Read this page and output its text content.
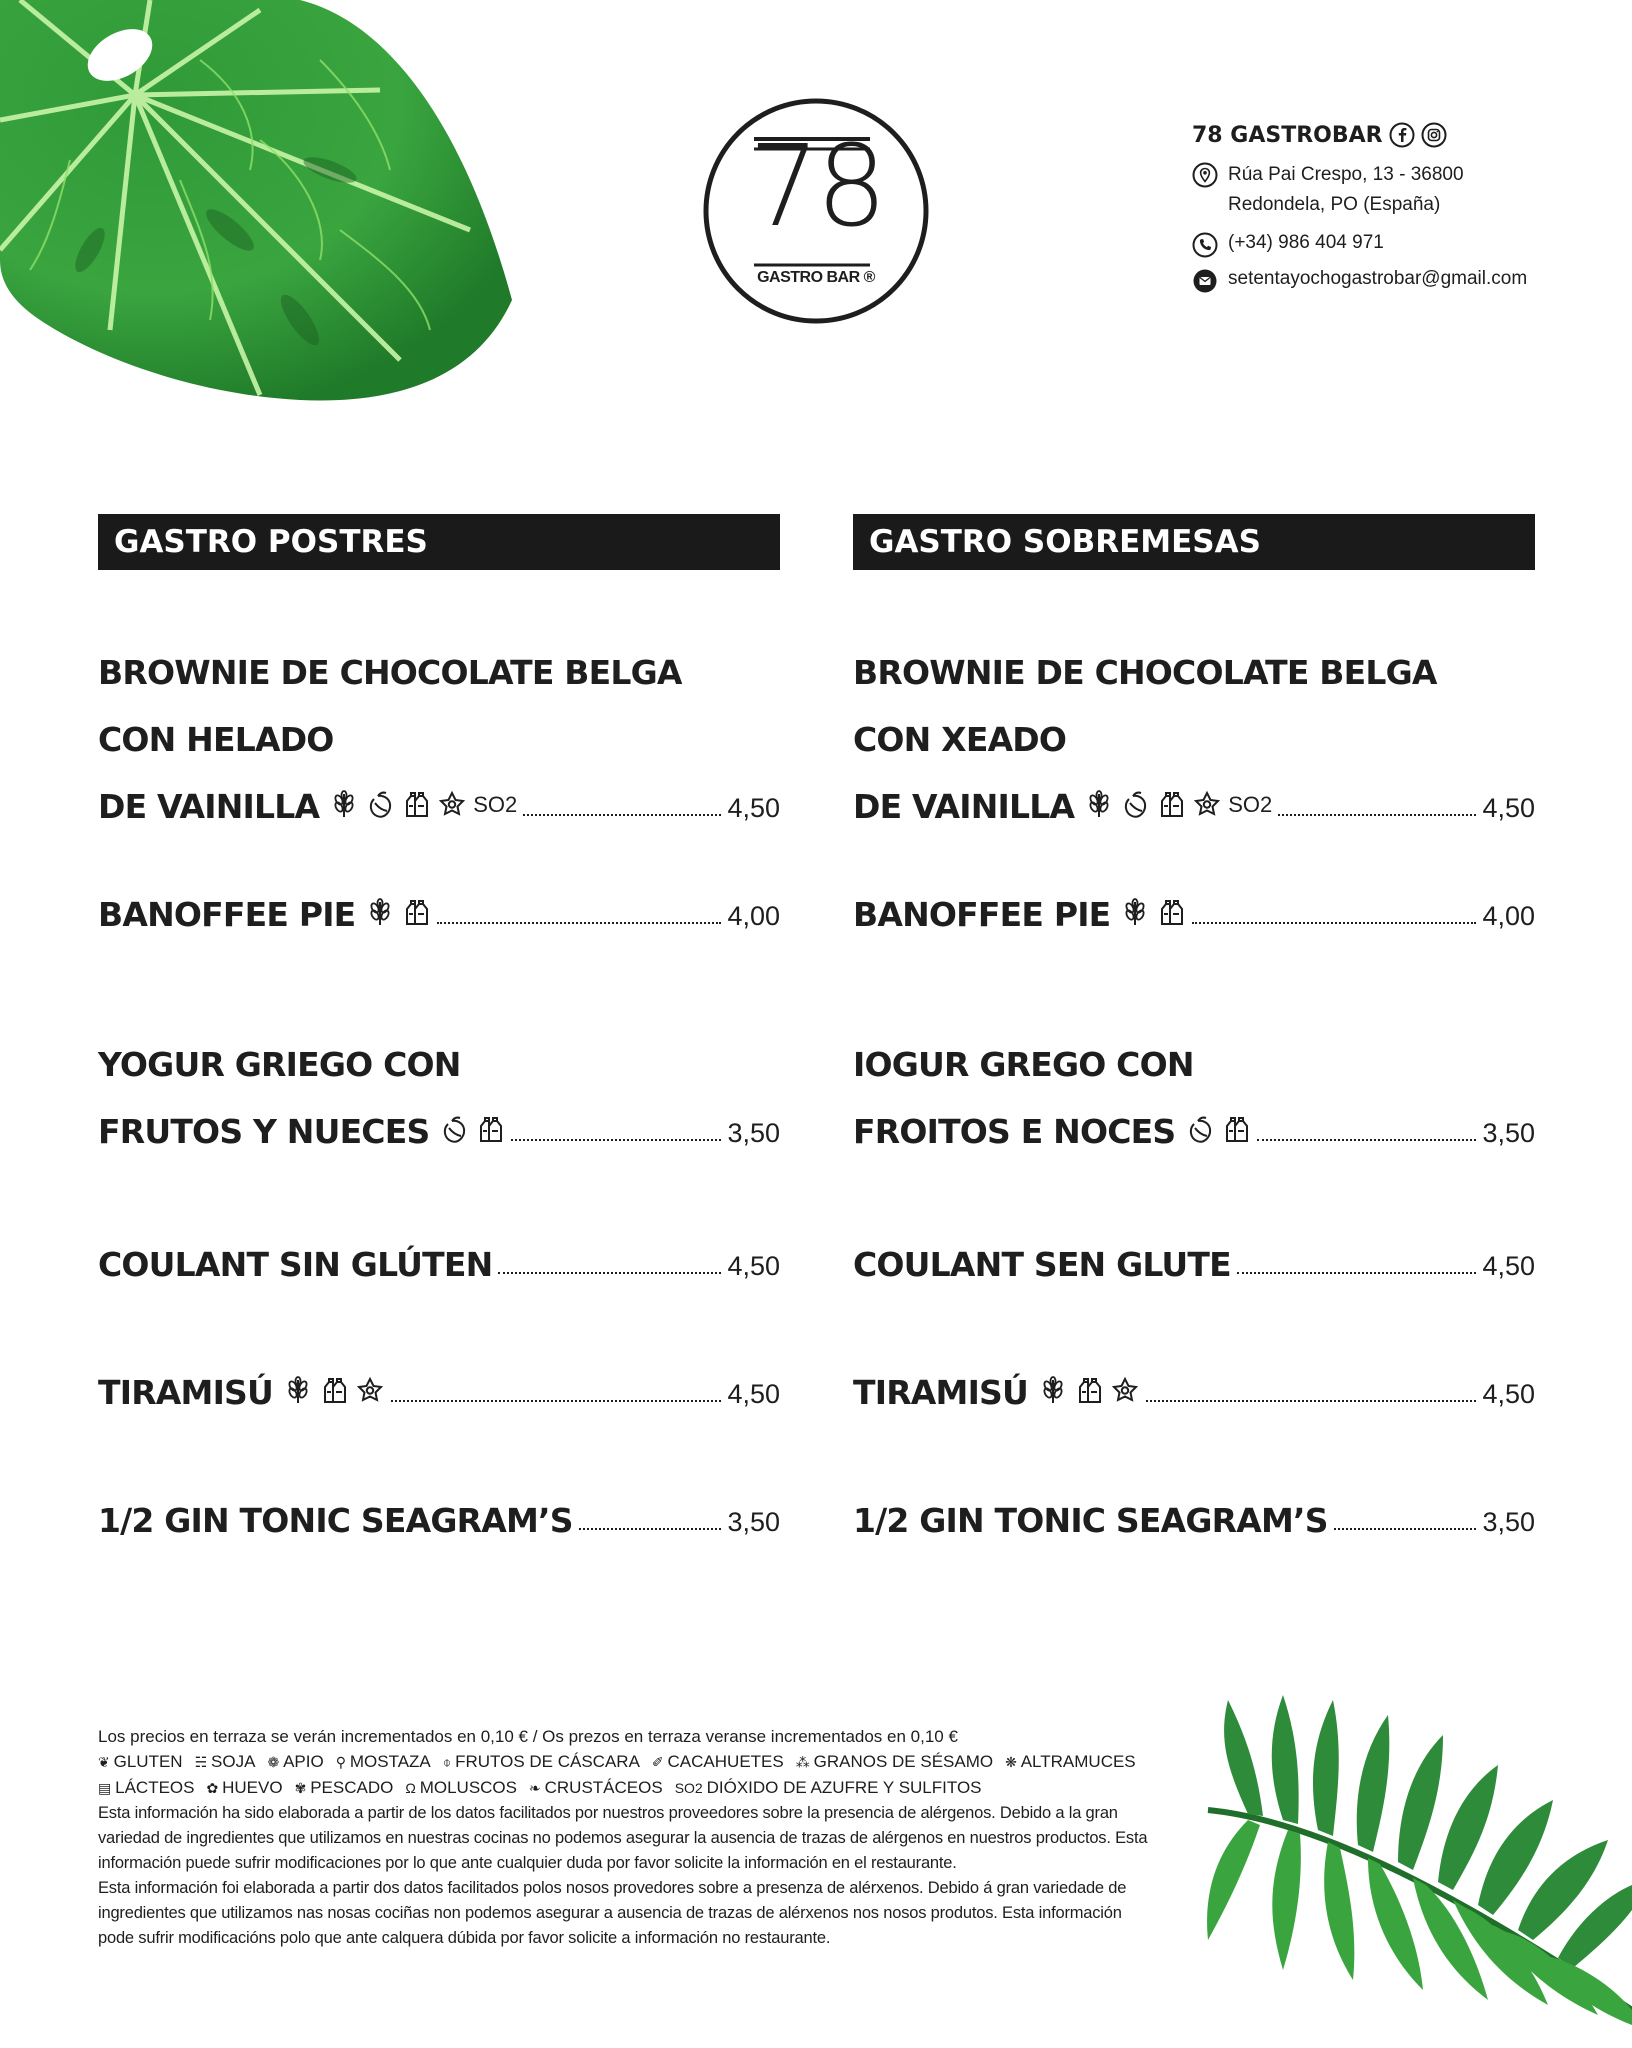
78
GASTRO BAR ®
78 GASTROBAR
Rúa Pai Crespo, 13 - 36800
Redondela, PO (España)
(+34) 986 404 971
setentayochogastrobar@gmail.com
GASTRO POSTRES	GASTRO SOBREMESAS
BROWNIE DE CHOCOLATE BELGA
CON HELADO
DE VAINILLA	SO2	4,50
BANOFFEE PIE	4,00
YOGUR GRIEGO CON
FRUTOS Y NUECES	3,50
COULANT SIN GLÚTEN	4,50
TIRAMISÚ	4,50
1/2 GIN TONIC SEAGRAM’S	3,50
BROWNIE DE CHOCOLATE BELGA
CON XEADO
DE VAINILLA	SO2	4,50
BANOFFEE PIE	4,00
IOGUR GREGO CON
FROITOS E NOCES	3,50
COULANT SEN GLUTE	4,50
TIRAMISÚ	4,50
1/2 GIN TONIC SEAGRAM’S	3,50
Los precios en terraza se verán incrementados en 0,10 € / Os prezos en terraza veranse incrementados en 0,10 €
❦ GLUTEN ☵ SOJA ❁ APIO ⚲ MOSTAZA ⌽ FRUTOS DE CÁSCARA ✐ CACAHUETES ⁂ GRANOS DE SÉSAMO ❋ ALTRAMUCES
▤ LÁCTEOS ✿ HUEVO ✾ PESCADO Ω MOLUSCOS ❧ CRUSTÁCEOS SO2 DIÓXIDO DE AZUFRE Y SULFITOS
Esta información ha sido elaborada a partir de los datos facilitados por nuestros proveedores sobre la presencia de alérgenos. Debido a la gran variedad de ingredientes que utilizamos en nuestras cocinas no podemos asegurar la ausencia de trazas de alérgenos en nuestros productos. Esta información puede sufrir modificaciones por lo que ante cualquier duda por favor solicite la información en el restaurante.
Esta información foi elaborada a partir dos datos facilitados polos nosos provedores sobre a presenza de alérxenos. Debido á gran variedade de ingredientes que utilizamos nas nosas cociñas non podemos asegurar a ausencia de trazas de alérxenos nos nosos produtos. Esta información pode sufrir modificacións polo que ante calquera dúbida por favor solicite a información no restaurante.
